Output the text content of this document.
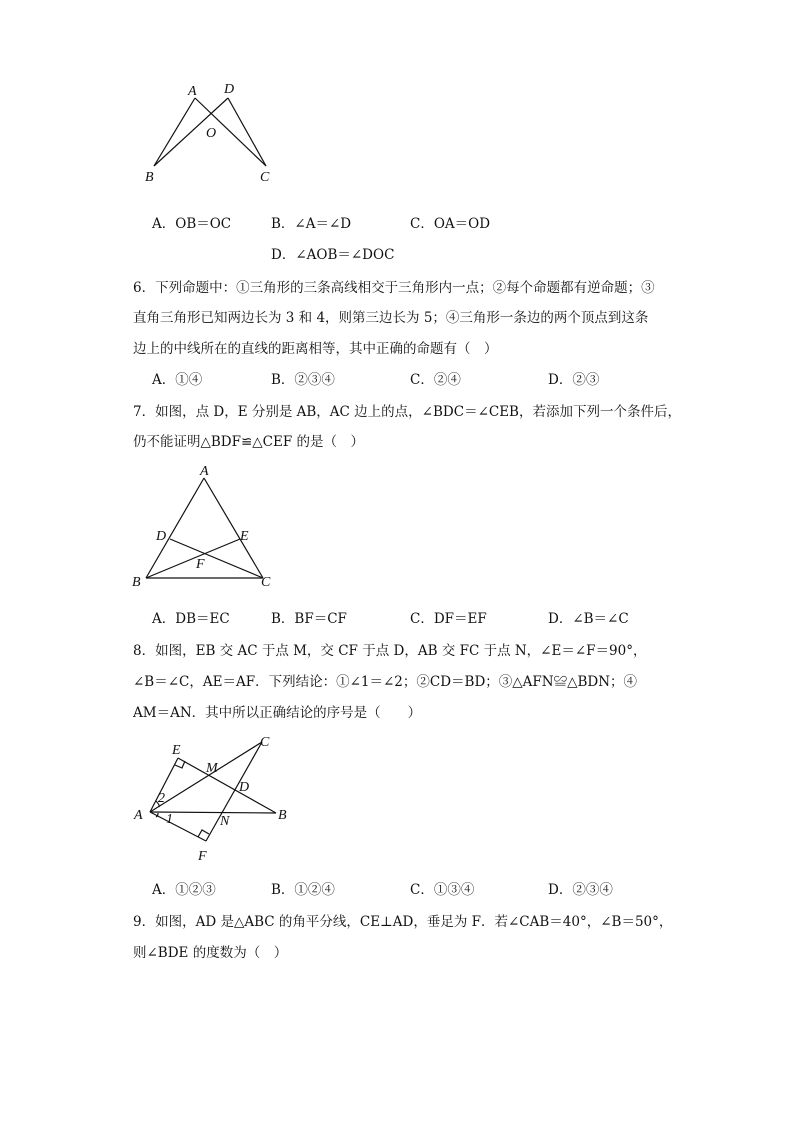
A D
O
B	C
A．OB＝OC	B．∠A＝∠D	C．OA＝OD
D．∠AOB＝∠DOC
6．下列命题中：①三角形的三条高线相交于三角形内一点；②每个命题都有逆命题；③
直角三角形已知两边长为 3 和 4，则第三边长为 5；④三角形一条边的两个顶点到这条
边上的中线所在的直线的距离相等，其中正确的命题有（　）
A．①④	B．②③④	C．②④	D．②③
7．如图，点 D，E 分别是 AB，AC 边上的点，∠BDC＝∠CEB，若添加下列一个条件后，
仍不能证明△BDF≌△CEF 的是（　）
A
D	E
F
B	C
A．DB＝EC	B．BF＝CF	C．DF＝EF	D．∠B＝∠C
8．如图，EB 交 AC 于点 M，交 CF 于点 D，AB 交 FC 于点 N，∠E＝∠F＝90°，
∠B＝∠C，AE＝AF．下列结论：①∠1＝∠2；②CD＝BD；③△AFN≌△BDN；④
AM＝AN．其中所以正确结论的序号是（　　）
E
C
M
D
2
A 1	N	B
F
A．①②③	B．①②④	C．①③④	D．②③④
9．如图，AD 是△ABC 的角平分线，CE⊥AD，垂足为 F．若∠CAB＝40°，∠B＝50°，
则∠BDE 的度数为（　）
